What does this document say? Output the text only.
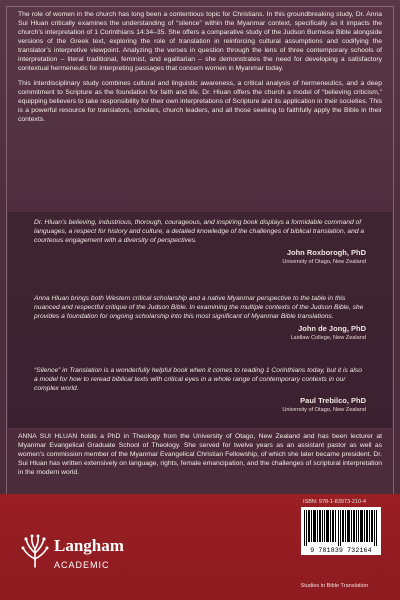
The role of women in the church has long been a contentious topic for Christians. In this groundbreaking study, Dr. Anna Sui Hluan critically examines the understanding of “silence” within the Myanmar context, specifically as it impacts the church’s interpretation of 1 Corinthians 14:34–35. She offers a comparative study of the Judson Burmese Bible alongside versions of the Greek text, exploring the role of translation in reinforcing cultural assumptions and codifying the translator’s interpretive viewpoint. Analyzing the verses in question through the lens of three contemporary schools of interpretation – literal traditional, feminist, and egalitarian – she demonstrates the need for developing a satisfactory contextual hermeneutic for interpreting passages that concern women in Myanmar today.

This interdisciplinary study combines cultural and linguistic awareness, a critical analysis of hermeneutics, and a deep commitment to Scripture as the foundation for faith and life. Dr. Hluan offers the church a model of “believing criticism,” equipping believers to take responsibility for their own interpretations of Scripture and its application in their societies. This is a powerful resource for translators, scholars, church leaders, and all those seeking to faithfully apply the Bible in their contexts.

Dr. Hluan’s believing, industrious, thorough, courageous, and inspiring book displays a formidable command of languages, a respect for history and culture, a detailed knowledge of the challenges of biblical translation, and a courteous engagement with a diversity of perspectives.
John Roxborogh, PhD
University of Otago, New Zealand
Anna Hluan brings both Western critical scholarship and a native Myanmar perspective to the table in this nuanced and respectful critique of the Judson Bible. In examining the multiple contexts of the Judson Bible, she provides a foundation for ongoing scholarship into this most significant of Myanmar Bible translations.
John de Jong, PhD
Laidlaw College, New Zealand
“Silence” in Translation is a wonderfully helpful book when it comes to reading 1 Corinthians today, but it is also a model for how to reread biblical texts with critical eyes in a whole range of contemporary contexts in our complex world.
Paul Trebilco, PhD
University of Otago, New Zealand
ANNA SUI HLUAN holds a PhD in Theology from the University of Otago, New Zealand and has been lecturer at Myanmar Evangelical Graduate School of Theology. She served for twelve years as an assistant pastor as well as women’s commission member of the Myanmar Evangelical Christian Fellowship, of which she later became president. Dr. Sui Hluan has written extensively on language, rights, female emancipation, and the challenges of scriptural interpretation in the modern world.
Langham
ACADEMIC
ISBN: 978-1-83973-210-4
9 781839 732164
Studies in Bible Translation
